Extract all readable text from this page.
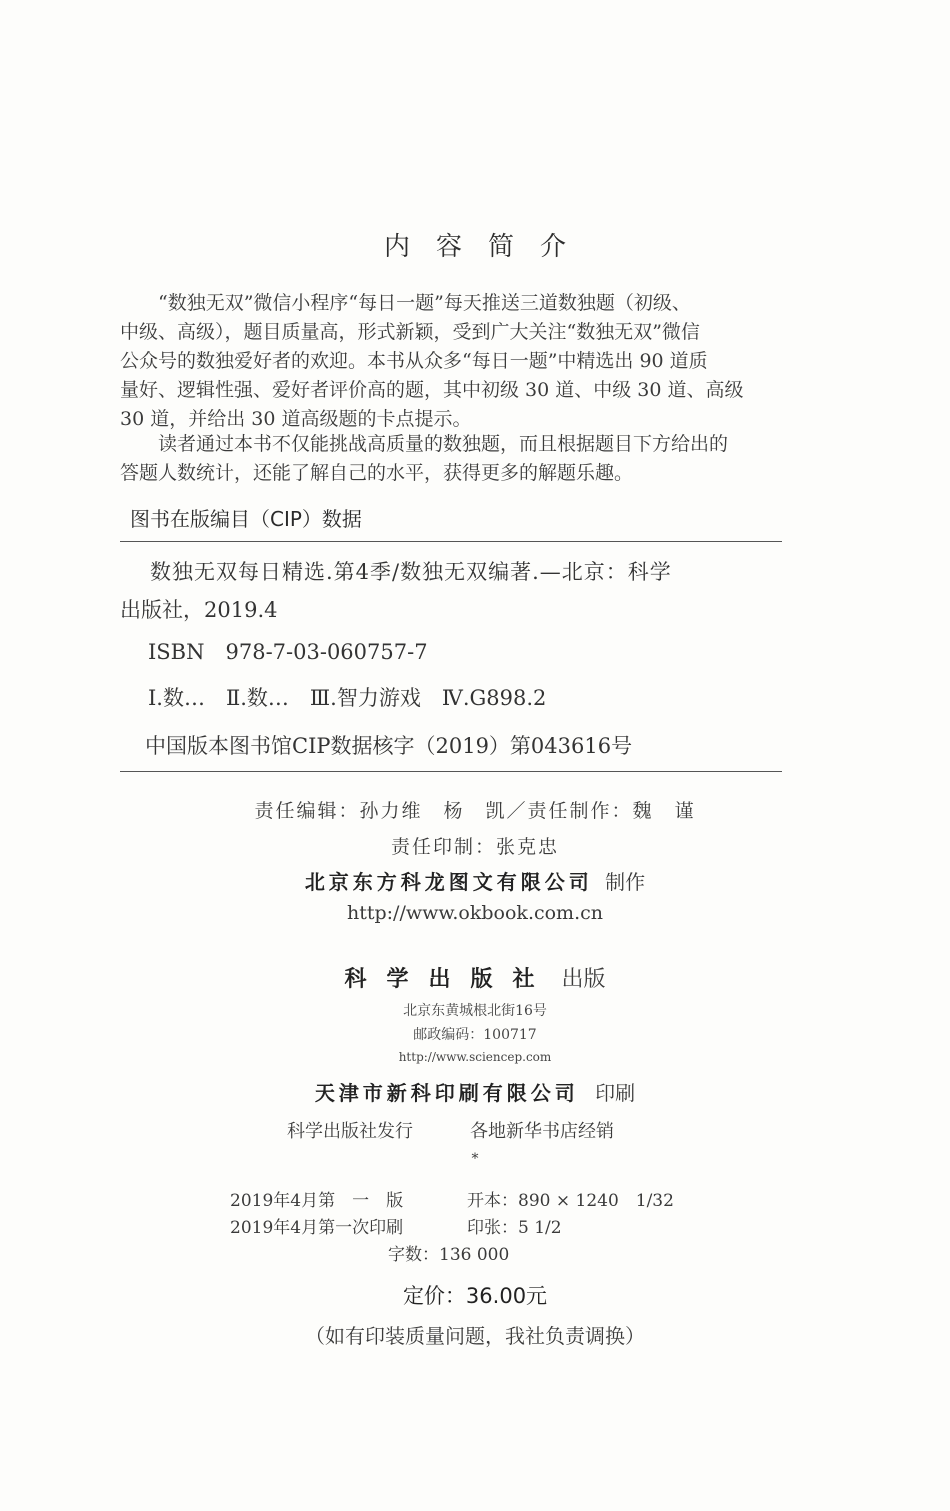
内容简介
“数独无双”微信小程序“每日一题”每天推送三道数独题（初级、
中级、高级），题目质量高，形式新颖，受到广大关注“数独无双”微信
公众号的数独爱好者的欢迎。本书从众多“每日一题”中精选出 90 道质
量好、逻辑性强、爱好者评价高的题，其中初级 30 道、中级 30 道、高级
30 道，并给出 30 道高级题的卡点提示。
读者通过本书不仅能挑战高质量的数独题，而且根据题目下方给出的
答题人数统计，还能了解自己的水平，获得更多的解题乐趣。
图书在版编目（CIP）数据
数独无双每日精选.第4季/数独无双编著.—北京：科学
出版社，2019.4
ISBN　978-7-03-060757-7
Ⅰ.数…　Ⅱ.数…　Ⅲ.智力游戏　Ⅳ.G898.2
中国版本图书馆CIP数据核字（2019）第043616号
责任编辑：孙力维　杨　凯／责任制作：魏　谨
责任印制：张克忠
北京东方科龙图文有限公司 制作
http://www.okbook.com.cn
科学出版社 出版
北京东黄城根北街16号
邮政编码：100717
http://www.sciencep.com
天津市新科印刷有限公司 印刷
科学出版社发行	各地新华书店经销
*
2019年4月第　一　版	开本：890 × 1240　1/32
2019年4月第一次印刷	印张：5 1/2
字数：136 000
定价：36.00元
（如有印装质量问题，我社负责调换）
